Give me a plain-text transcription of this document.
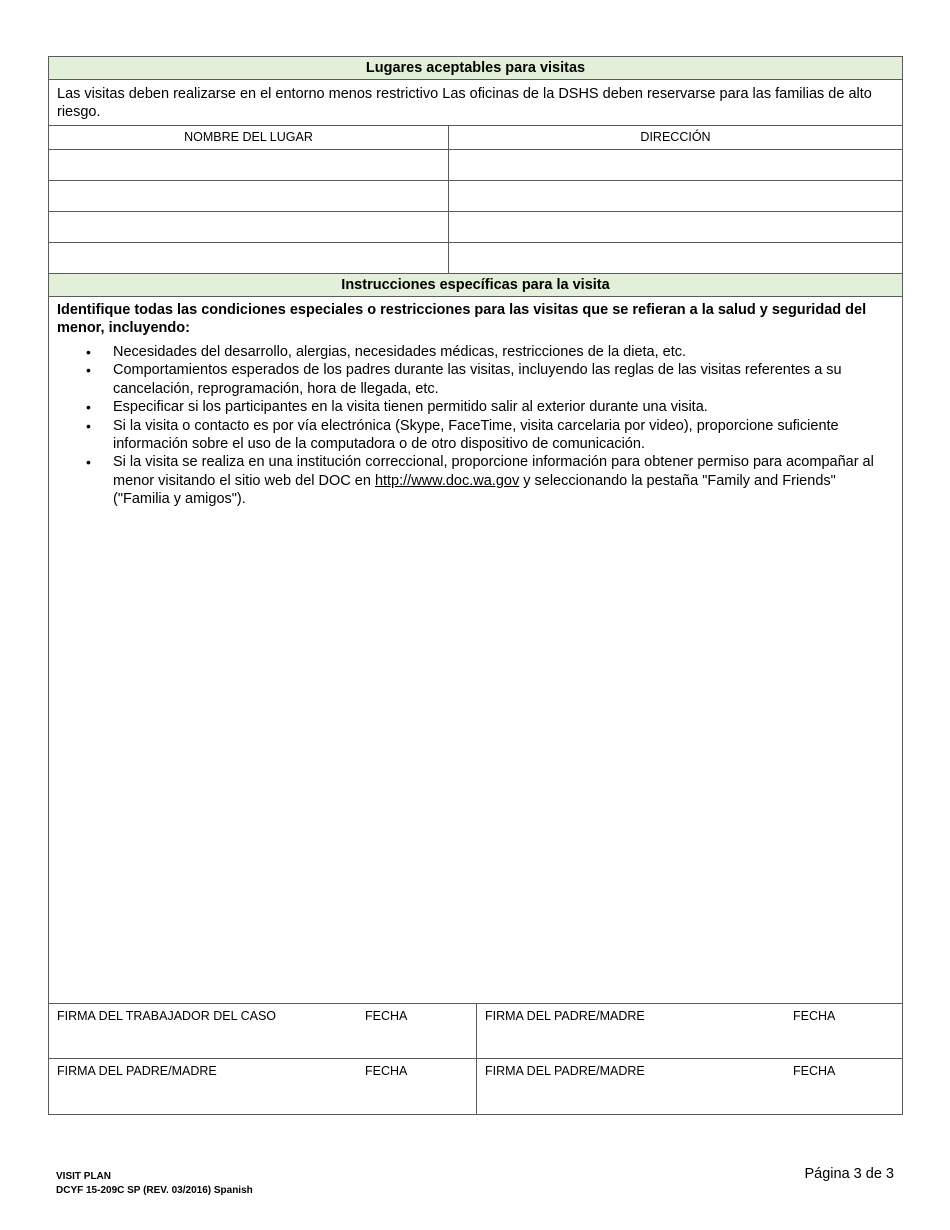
Lugares aceptables para visitas
Las visitas deben realizarse en el entorno menos restrictivo Las oficinas de la DSHS deben reservarse para las familias de alto riesgo.
NOMBRE DEL LUGAR	DIRECCIÓN
Instrucciones específicas para la visita

Identifique todas las condiciones especiales o restricciones para las visitas que se refieran a la salud y seguridad del menor, incluyendo:

• Necesidades del desarrollo, alergias, necesidades médicas, restricciones de la dieta, etc.
• Comportamientos esperados de los padres durante las visitas, incluyendo las reglas de las visitas referentes a su cancelación, reprogramación, hora de llegada, etc.
• Especificar si los participantes en la visita tienen permitido salir al exterior durante una visita.
• Si la visita o contacto es por vía electrónica (Skype, FaceTime, visita carcelaria por video), proporcione suficiente información sobre el uso de la computadora o de otro dispositivo de comunicación.
• Si la visita se realiza en una institución correccional, proporcione información para obtener permiso para acompañar al menor visitando el sitio web del DOC en http://www.doc.wa.gov y seleccionando la pestaña "Family and Friends" ("Familia y amigos").
FIRMA DEL TRABAJADOR DEL CASO	FECHA	FIRMA DEL PADRE/MADRE	FECHA
FIRMA DEL PADRE/MADRE	FECHA	FIRMA DEL PADRE/MADRE	FECHA
VISIT PLAN
DCYF 15-209C SP (REV. 03/2016) Spanish
Página 3 de 3
